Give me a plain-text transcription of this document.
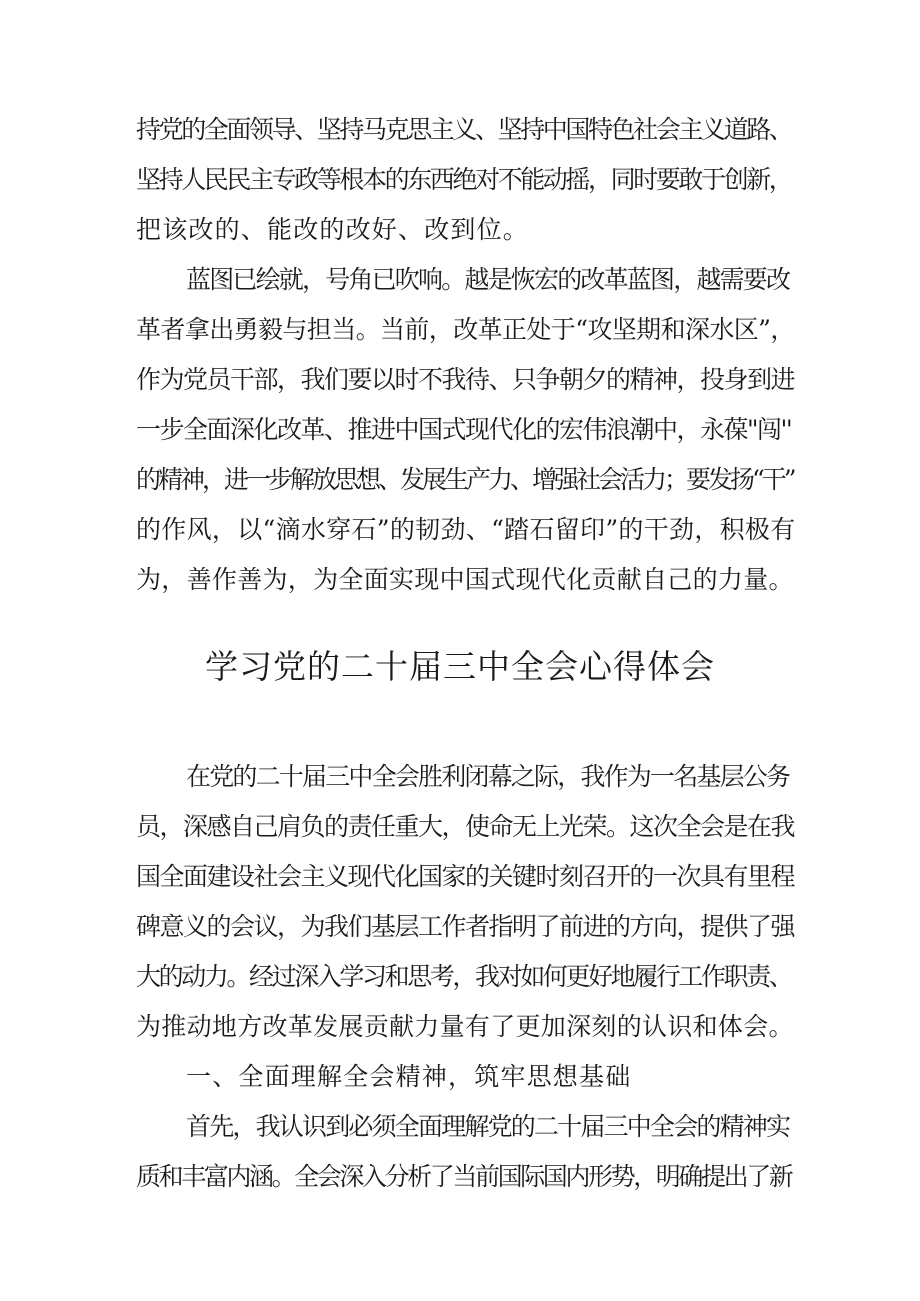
持党的全面领导、坚持马克思主义、坚持中国特色社会主义道路、
坚持人民民主专政等根本的东西绝对不能动摇，同时要敢于创新，
把该改的、能改的改好、改到位。
蓝图已绘就，号角已吹响。越是恢宏的改革蓝图，越需要改
革者拿出勇毅与担当。当前，改革正处于“攻坚期和深水区”，
作为党员干部，我们要以时不我待、只争朝夕的精神，投身到进
一步全面深化改革、推进中国式现代化的宏伟浪潮中，永葆"闯''
的精神，进一步解放思想、发展生产力、增强社会活力；要发扬“干”
的作风，以“滴水穿石”的韧劲、“踏石留印”的干劲，积极有
为，善作善为，为全面实现中国式现代化贡献自己的力量。
学习党的二十届三中全会心得体会
在党的二十届三中全会胜利闭幕之际，我作为一名基层公务
员，深感自己肩负的责任重大，使命无上光荣。这次全会是在我
国全面建设社会主义现代化国家的关键时刻召开的一次具有里程
碑意义的会议，为我们基层工作者指明了前进的方向，提供了强
大的动力。经过深入学习和思考，我对如何更好地履行工作职责、
为推动地方改革发展贡献力量有了更加深刻的认识和体会。
一、全面理解全会精神，筑牢思想基础
首先，我认识到必须全面理解党的二十届三中全会的精神实
质和丰富内涵。全会深入分析了当前国际国内形势，明确提出了新
